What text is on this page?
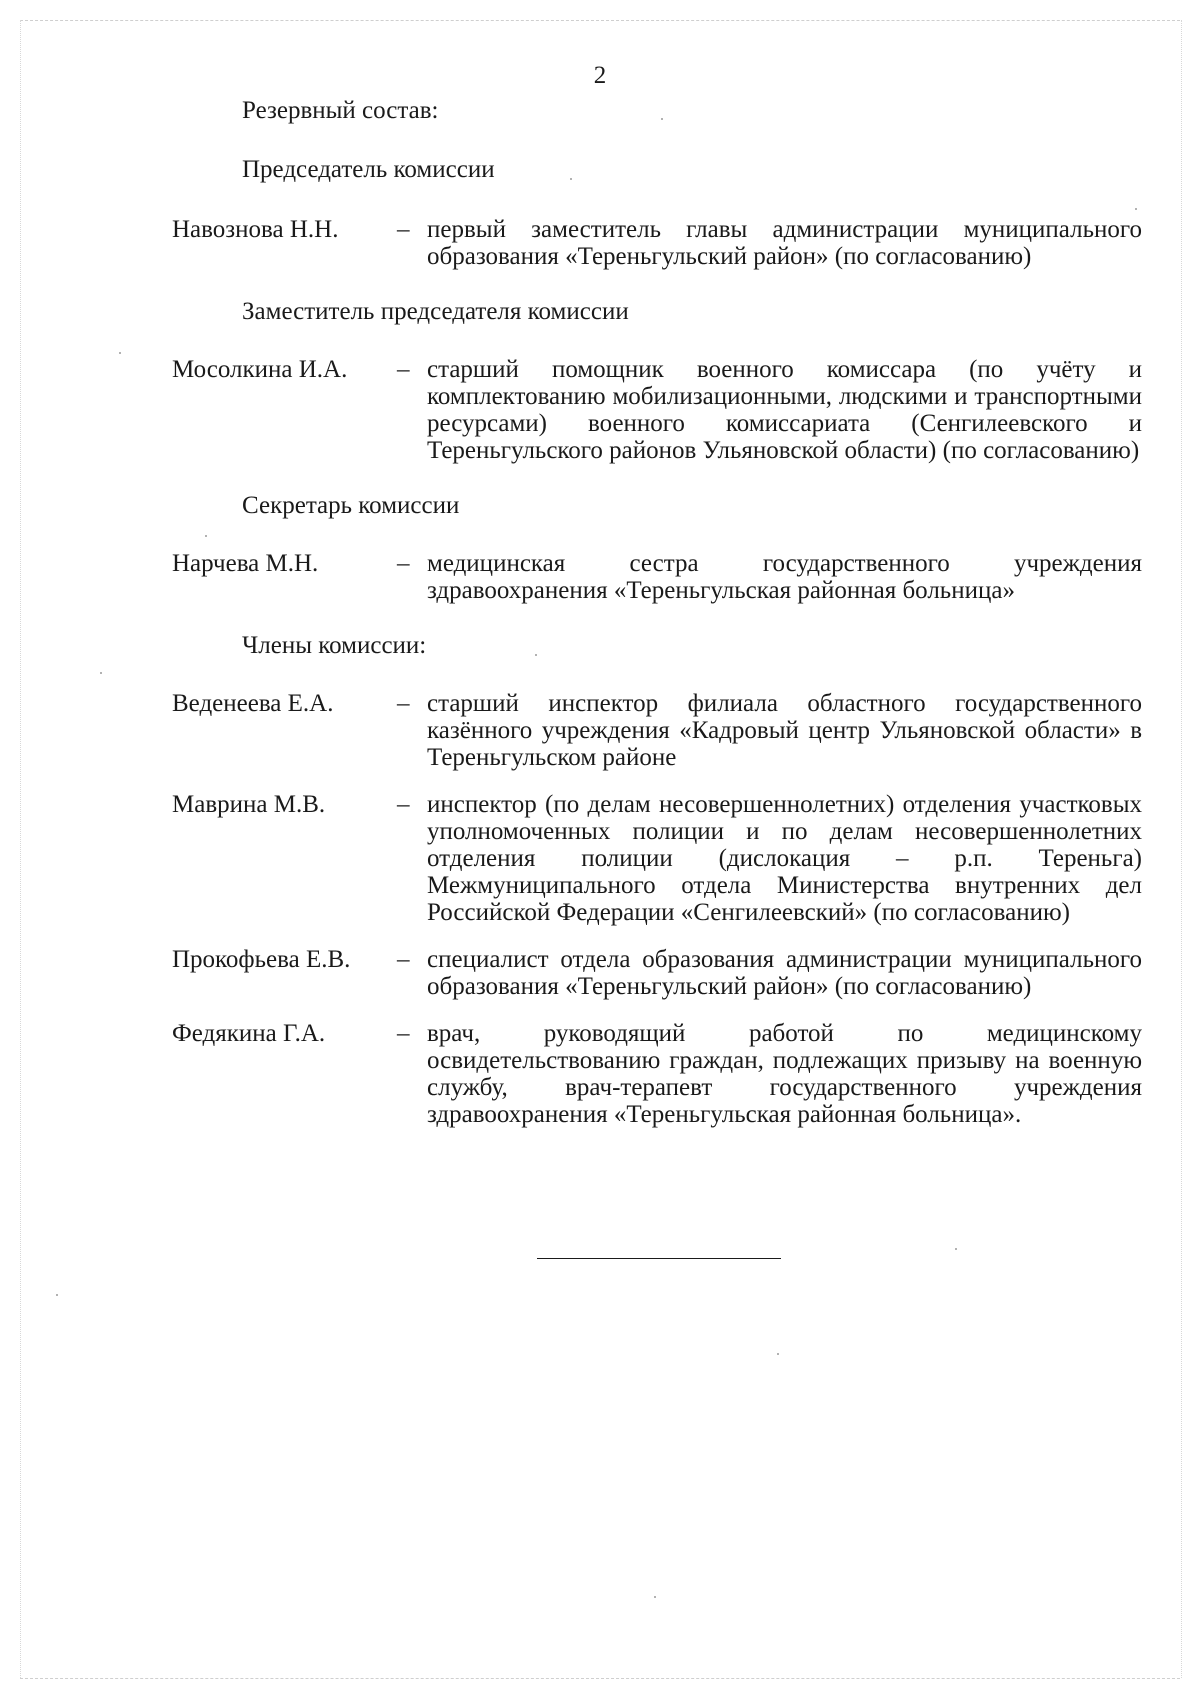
2
Резервный состав:
Председатель комиссии
Навознова Н.Н.	– первый заместитель главы администрации муниципального образования «Тереньгульский район» (по согласованию)
Заместитель председателя комиссии
Мосолкина И.А.	– старший помощник военного комиссара (по учёту и комплектованию мобилизационными, людскими и транспортными ресурсами) военного комиссариата (Сенгилеевского и Тереньгульского районов Ульяновской области) (по согласованию)
Секретарь комиссии
Нарчева М.Н.	– медицинская сестра государственного учреждения здравоохранения «Тереньгульская районная больница»
Члены комиссии:
Веденеева Е.А.	– старший инспектор филиала областного государственного казённого учреждения «Кадровый центр Ульяновской области» в Тереньгульском районе
Маврина М.В.	– инспектор (по делам несовершеннолетних) отделения участковых уполномоченных полиции и по делам несовершеннолетних отделения полиции (дислокация – р.п. Тереньга) Межмуниципального отдела Министерства внутренних дел Российской Федерации «Сенгилеевский» (по согласованию)
Прокофьева Е.В.	– специалист отдела образования администрации муниципального образования «Тереньгульский район» (по согласованию)
Федякина Г.А.	– врач, руководящий работой по медицинскому освидетельствованию граждан, подлежащих призыву на военную службу, врач-терапевт государственного учреждения здравоохранения «Тереньгульская районная больница».
